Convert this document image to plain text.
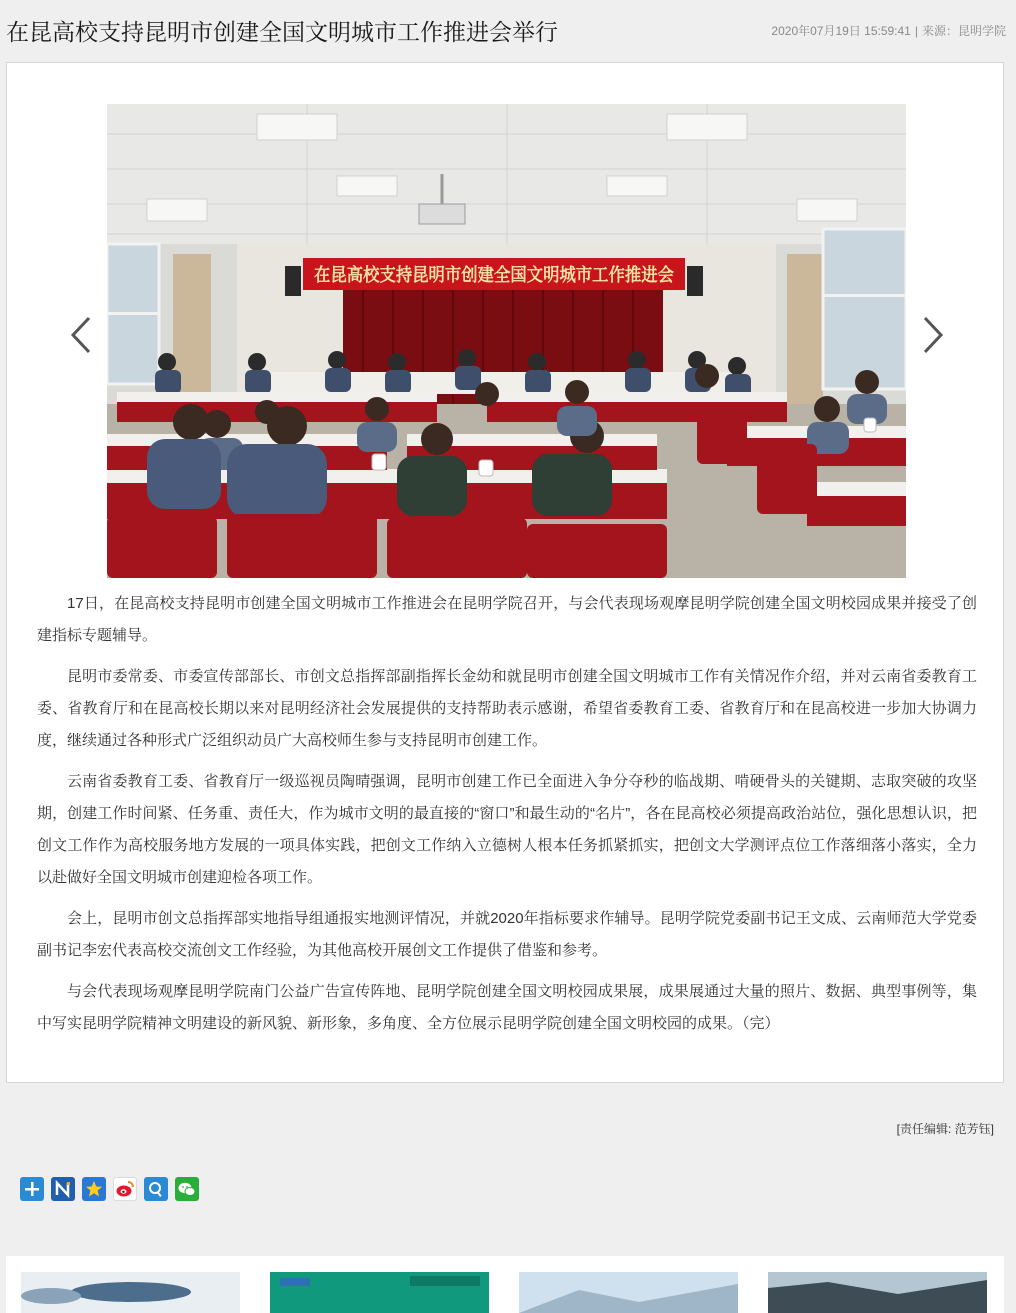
在昆高校支持昆明市创建全国文明城市工作推进会举行	2020年07月19日 15:59:41 | 来源：昆明学院
在昆高校支持昆明市创建全国文明城市工作推进会

17日，在昆高校支持昆明市创建全国文明城市工作推进会在昆明学院召开，与会代表现场观摩昆明学院创建全国文明校园成果并接受了创建指标专题辅导。

昆明市委常委、市委宣传部部长、市创文总指挥部副指挥长金幼和就昆明市创建全国文明城市工作有关情况作介绍，并对云南省委教育工委、省教育厅和在昆高校长期以来对昆明经济社会发展提供的支持帮助表示感谢，希望省委教育工委、省教育厅和在昆高校进一步加大协调力度，继续通过各种形式广泛组织动员广大高校师生参与支持昆明市创建工作。

云南省委教育工委、省教育厅一级巡视员陶晴强调，昆明市创建工作已全面进入争分夺秒的临战期、啃硬骨头的关键期、志取突破的攻坚期，创建工作时间紧、任务重、责任大，作为城市文明的最直接的“窗口”和最生动的“名片”，各在昆高校必须提高政治站位，强化思想认识，把创文工作作为高校服务地方发展的一项具体实践，把创文工作纳入立德树人根本任务抓紧抓实，把创文大学测评点位工作落细落小落实，全力以赴做好全国文明城市创建迎检各项工作。

会上，昆明市创文总指挥部实地指导组通报实地测评情况，并就2020年指标要求作辅导。昆明学院党委副书记王文成、云南师范大学党委副书记李宏代表高校交流创文工作经验，为其他高校开展创文工作提供了借鉴和参考。

与会代表现场观摩昆明学院南门公益广告宣传阵地、昆明学院创建全国文明校园成果展，成果展通过大量的照片、数据、典型事例等，集中写实昆明学院精神文明建设的新风貌、新形象，多角度、全方位展示昆明学院创建全国文明校园的成果。（完）

[责任编辑: 范芳钰]
